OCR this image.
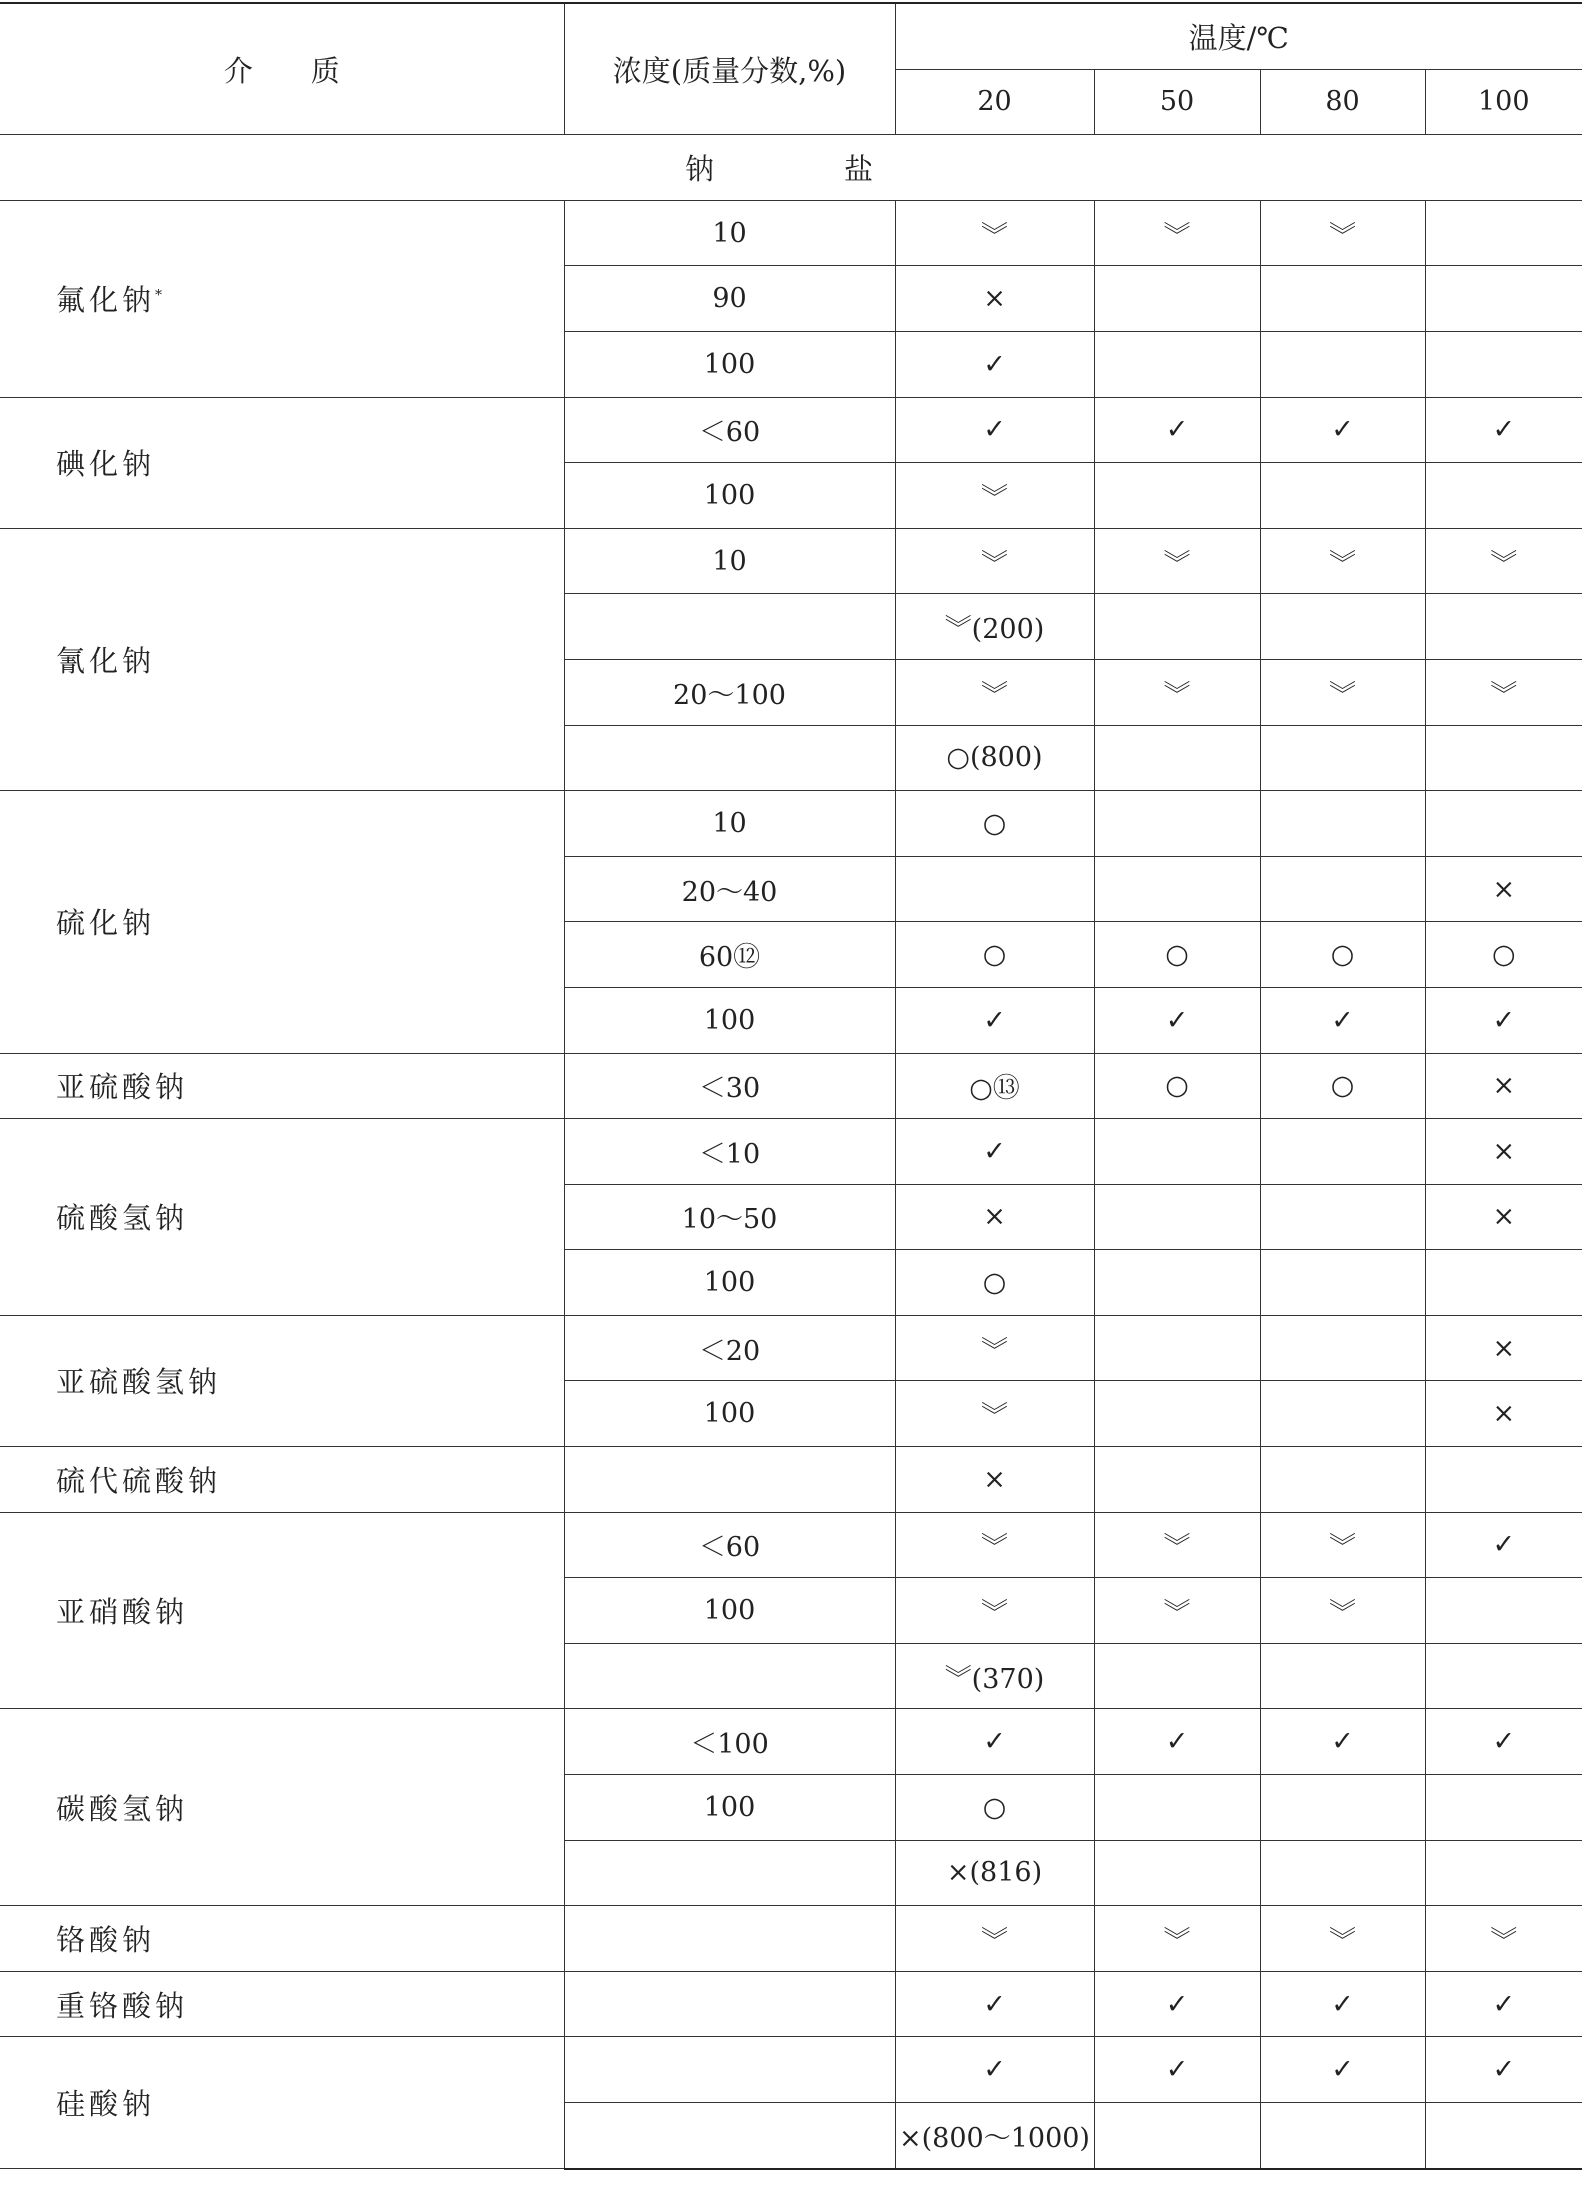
介　　质	浓度(质量分数,%)	温度/℃			
		20	50	80	100
钠　　盐					
氟化钠*	10	︾	︾	︾	
	90	×			
	100	✓			
碘化钠	＜60	✓	✓	✓	✓
	100	︾			
氰化钠	10	︾	︾	︾	︾
		︾(200)			
	20～100	︾	︾	︾	︾
		○(800)			
硫化钠	10	○			
	20～40				×
	60⑫	○	○	○	○
	100	✓	✓	✓	✓
亚硫酸钠	＜30	○⑬	○	○	×
硫酸氢钠	＜10	✓			×
	10～50	×			×
	100	○			
亚硫酸氢钠	＜20	︾			×
	100	︾			×
硫代硫酸钠		×			
亚硝酸钠	＜60	︾	︾	︾	✓
	100	︾	︾	︾	
		︾(370)			
碳酸氢钠	＜100	✓	✓	✓	✓
	100	○			
		×(816)			
铬酸钠		︾	︾	︾	︾
重铬酸钠		✓	✓	✓	✓
硅酸钠		✓	✓	✓	✓
		×(800～1000)			
